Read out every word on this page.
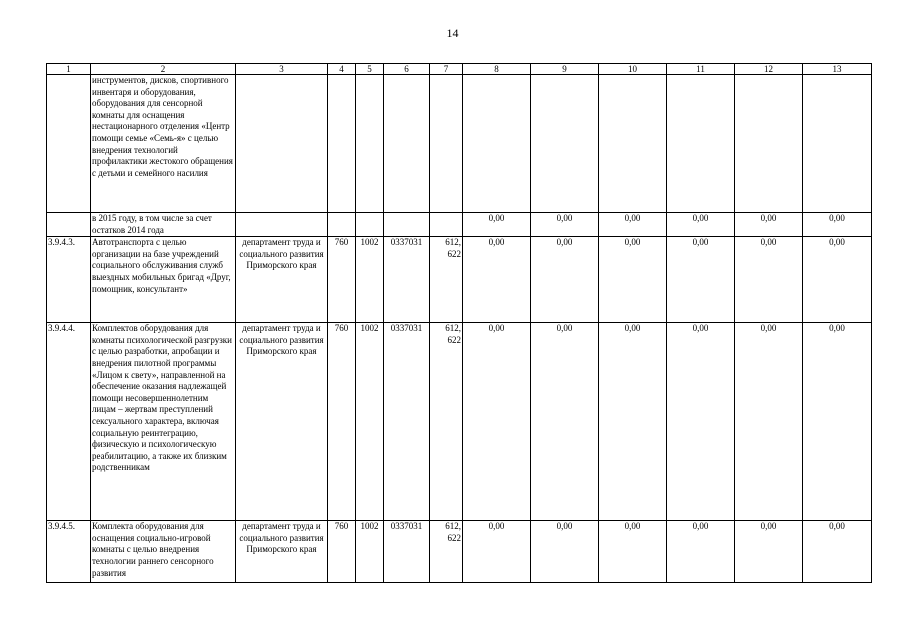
14
1	2	3	4	5	6	7	8	9	10	11	12	13
	инструментов, дисков, спортивного инвентаря и оборудования, оборудования для сенсорной комнаты для оснащения нестационарного отделения «Центр помощи семье «Семь-я» с целью внедрения технологий профилактики жестокого обращения с детьми и семейного насилия											
	в 2015 году, в том числе за счет остатков 2014 года						0,00	0,00	0,00	0,00	0,00	0,00
3.9.4.3.	Автотранспорта с целью организации на базе учреждений социального обслуживания служб выездных мобильных бригад «Друг, помощник, консультант»	департамент труда и социального развития Приморского края	760	1002	0337031	612, 622	0,00	0,00	0,00	0,00	0,00	0,00
3.9.4.4.	Комплектов оборудования для комнаты психологической разгрузки с целью разработки, апробации и внедрения пилотной программы «Лицом к свету», направленной на обеспечение оказания надлежащей помощи несовершеннолетним лицам – жертвам преступлений сексуального характера, включая социальную реинтеграцию, физическую и психологическую реабилитацию, а также их близким родственникам	департамент труда и социального развития Приморского края	760	1002	0337031	612, 622	0,00	0,00	0,00	0,00	0,00	0,00
3.9.4.5.	Комплекта оборудования для оснащения социально-игровой комнаты с целью внедрения технологии раннего сенсорного развития	департамент труда и социального развития Приморского края	760	1002	0337031	612, 622	0,00	0,00	0,00	0,00	0,00	0,00
